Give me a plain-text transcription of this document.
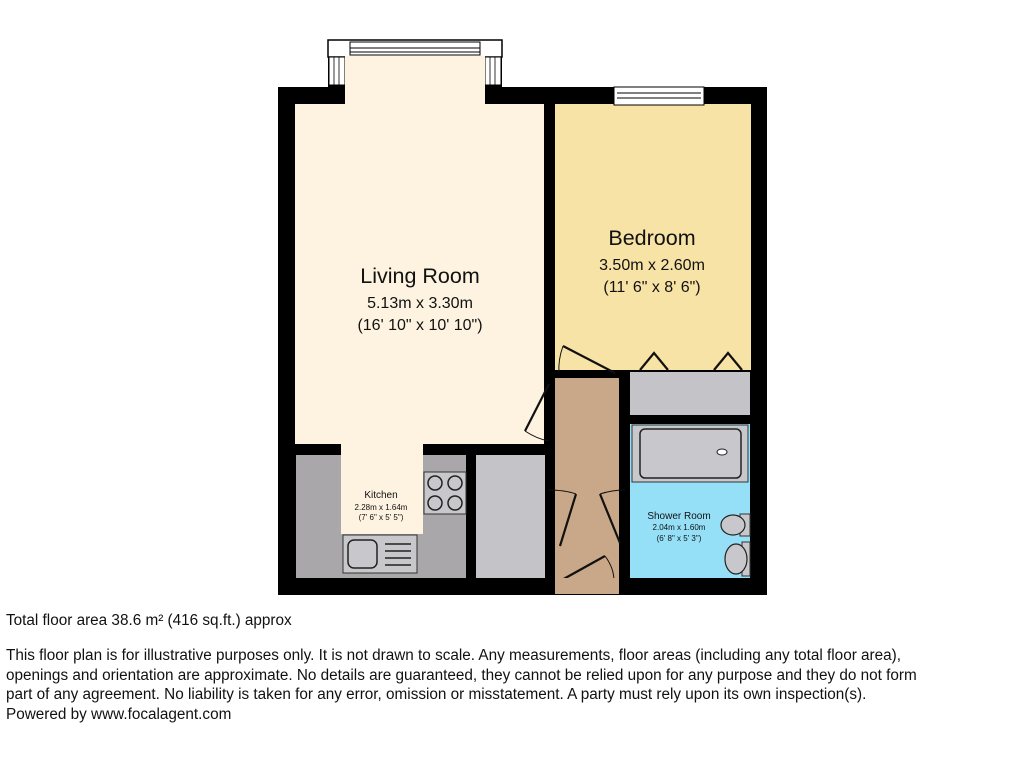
Living Room
5.13m x 3.30m
(16' 10" x 10' 10")
Bedroom
3.50m x 2.60m
(11' 6" x 8' 6")
Kitchen
2.28m x 1.64m
(7' 6" x 5' 5")	Shower Room
2.04m x 1.60m
(6' 8" x 5' 3")
Total floor area 38.6 m² (416 sq.ft.) approx
This floor plan is for illustrative purposes only. It is not drawn to scale. Any measurements, floor areas (including any total floor area),
openings and orientation are approximate. No details are guaranteed, they cannot be relied upon for any purpose and they do not form
part of any agreement. No liability is taken for any error, omission or misstatement. A party must rely upon its own inspection(s).
Powered by www.focalagent.com
